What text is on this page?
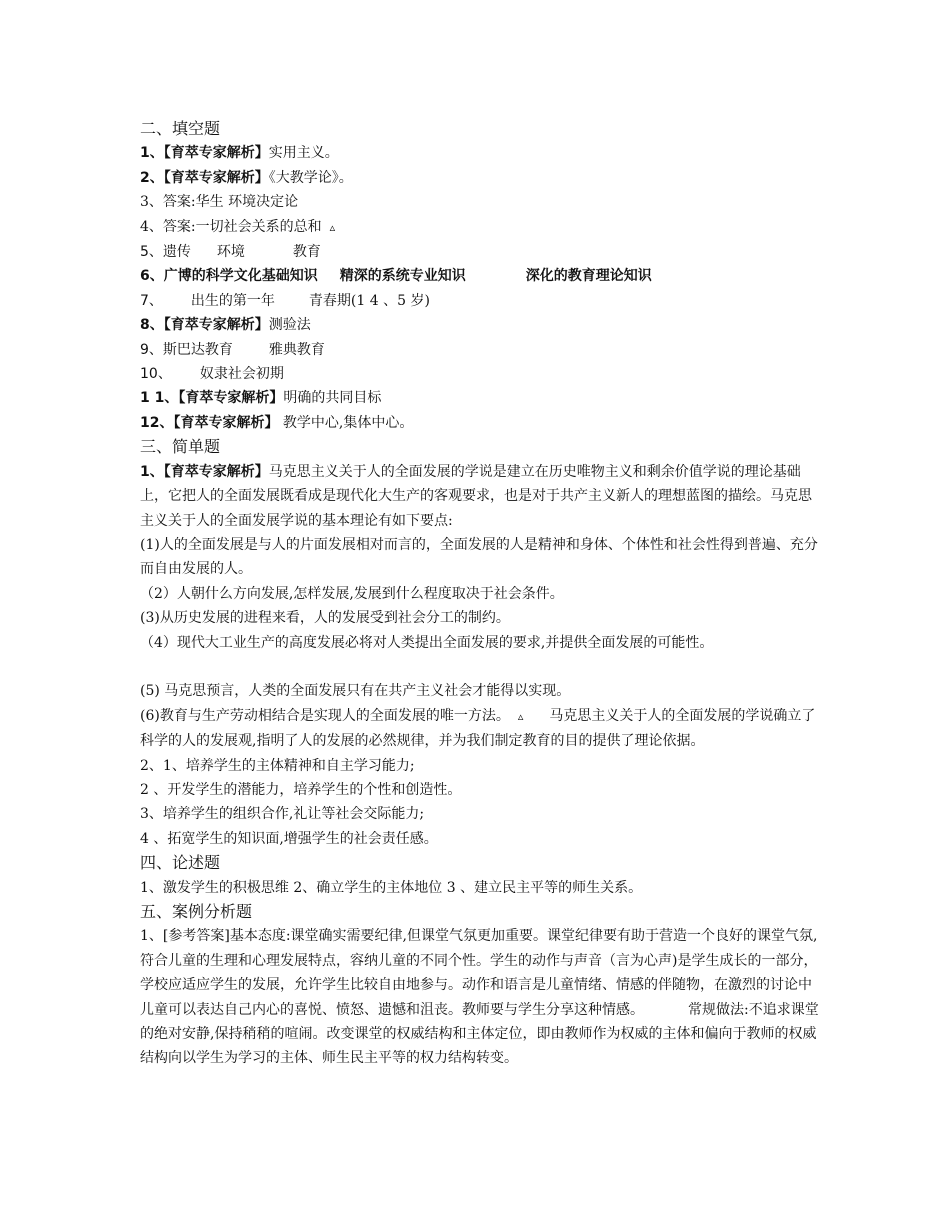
二、填空题
1、【育萃专家解析】实用主义。
2、【育萃专家解析】《大教学论》。
3、答案:华生 环境决定论
4、答案:一切社会关系的总和 ▵
5、遗传 环境	教育
6、广博的科学文化基础知识 精深的系统专业知识	深化的教育理论知识
7、 出生的第一年 青春期(1 4 、5 岁)
8、【育萃专家解析】测验法
9、斯巴达教育	雅典教育
10、 奴隶社会初期
1 1、【育萃专家解析】明确的共同目标
12、【育萃专家解析】 教学中心,集体中心。
三、简单题
1、【育萃专家解析】马克思主义关于人的全面发展的学说是建立在历史唯物主义和剩余价值学说的理论基础上，它把人的全面发展既看成是现代化大生产的客观要求，也是对于共产主义新人的理想蓝图的描绘。马克思主义关于人的全面发展学说的基本理论有如下要点:
(1)人的全面发展是与人的片面发展相对而言的，全面发展的人是精神和身体、个体性和社会性得到普遍、充分而自由发展的人。
（2）人朝什么方向发展,怎样发展,发展到什么程度取决于社会条件。
(3)从历史发展的进程来看，人的发展受到社会分工的制约。
（4）现代大工业生产的高度发展必将对人类提出全面发展的要求,并提供全面发展的可能性。
(5) 马克思预言，人类的全面发展只有在共产主义社会才能得以实现。
(6)教育与生产劳动相结合是实现人的全面发展的唯一方法。 ▵ 马克思主义关于人的全面发展的学说确立了科学的人的发展观,指明了人的发展的必然规律，并为我们制定教育的目的提供了理论依据。
2、1、培养学生的主体精神和自主学习能力;
2 、开发学生的潜能力，培养学生的个性和创造性。
3、培养学生的组织合作,礼让等社会交际能力;
4 、拓宽学生的知识面,增强学生的社会责任感。
四、论述题
1、激发学生的积极思维 2、确立学生的主体地位 3 、建立民主平等的师生关系。
五、案例分析题
1、[参考答案]基本态度:课堂确实需要纪律,但课堂气氛更加重要。课堂纪律要有助于营造一个良好的课堂气氛,符合儿童的生理和心理发展特点，容纳儿童的不同个性。学生的动作与声音（言为心声)是学生成长的一部分，学校应适应学生的发展，允许学生比较自由地参与。动作和语言是儿童情绪、情感的伴随物，在激烈的讨论中儿童可以表达自己内心的喜悦、愤怒、遗憾和沮丧。教师要与学生分享这种情感。	常规做法:不追求课堂的绝对安静,保持稍稍的喧闹。改变课堂的权威结构和主体定位，即由教师作为权威的主体和偏向于教师的权威结构向以学生为学习的主体、师生民主平等的权力结构转变。
